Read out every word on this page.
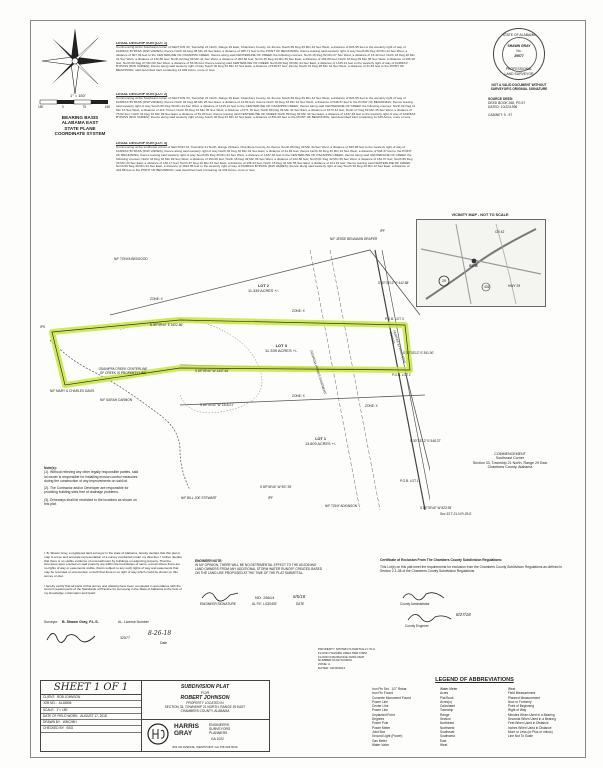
1" = 150'
150	0	75	150
BEARING BASIS
ALABAMA EAST
STATE PLANE
COORDINATE SYSTEM
LEGAL DESCRIPTION (LOT 1)
Commencing at the Southeast corner of SECTION 33, Township 21 North, Range 29 East, Chambers County, AL thence South 89 Deg 39 Min 44 Sec West, a distance of 823.95 feet to the westerly right of way of FAIRFAX BYPASS (R/W VARIES); thence North 02 Deg 08 Min 25 Sec East, a distance of 365.71 feet to the POINT OF BEGINNING; thence leaving said westerly right of way South 89 Deg 39 Min 44 Sec West, a distance of 907.39 feet to the CENTERLINE OF OSANIPPA CREEK; thence along said CENTERLINE OF CREEK the following courses; North 15 Deg 52 Min 27 Sec West, a distance of 15.42 feet; North 18 Deg 20 Min 31 Sec West, a distance of 132.86 feet; North 22 Deg 09 Min 41 Sec West, a distance of 203.66 feet; North 45 Deg 14 Min 36 Sec East, a distance of 152.89 feet; North 63 Deg 09 Min 35 Sec West, a distance of 106.18 feet; North 60 Deg 07 Min 06 Sec West, a distance of 55.06 feet; thence leaving said CENTERLINE OF CREEK North 89 Deg 39 Min 44 Sec East, a distance of 1315.21 feet to the westerly right of way of FAIRFAX BYPASS (R/W VARIES); thence along said westerly right of way South 30 Deg 33 Min 12 Sec East, a distance of 548.37 feet; thence South 01 Deg 28 Min 04 Sec West, a distance of 41.84 feet to the POINT OF BEGINNING; said described tract containing 13.609 Acres, more or less.
LEGAL DESCRIPTION (LOT 2)
Commencing at the Southeast corner of SECTION 33, Township 21 North, Range 29 East, Chambers County, AL thence South 89 Deg 39 Min 44 Sec West, a distance of 823.95 feet to the westerly right of way of FAIRFAX BYPASS (R/W VARIES); thence North 02 Deg 08 Min 25 Sec East, a distance of 41.84 feet; thence North 30 Deg 33 Min 12 Sec West, a distance of 548.37 feet to the POINT OF BEGINNING; thence leaving said westerly right of way South 89 Deg 39 Min 44 Sec West, a distance of 1315.21 feet to the CENTERLINE OF OSANIPPA CREEK; thence along said CENTERLINE OF CREEK the following courses; North 62 Deg 11 Min 16 Sec West, a distance of 113.73 feet; North 83 Deg 24 Min 35 Sec West, a distance of 271.76 feet; North 89 Deg 39 Min 44 Sec East, a distance of 1573.44 feet; North 17 Deg 59 Min 45 Sec West, a distance of 75.62 feet; North 34 Deg 10 Min 09 Sec East, a distance of 51.00 feet; thence leaving said CENTERLINE OF CREEK North 89 Deg 39 Min 44 Sec East, a distance of 1437.46 feet to the westerly right of way of FAIRFAX BYPASS (R/W VARIES); thence along said westerly right of way South 30 Deg 33 Min 12 Sec East, a distance of 351.00 feet to the POINT OF BEGINNING; said described tract containing 11.339 Acres, more or less.
LEGAL DESCRIPTION (LOT 3)
Commencing at the southeast corner of SECTION 33, Township 21 North, Range 29 East, Chambers County, AL thence South 89 Deg 39 Min 44 Sec West, a distance of 823.95 feet to the westerly right of way of FAIRFAX BYPASS (R/W VARIES); thence along said westerly right of way North 02 Deg 30 Min 04 Sec East, a distance of 41.84 feet; thence North 30 Deg 33 Min 12 Sec West, a distance of 548.37 feet to the POINT OF BEGINNING; thence leaving said westerly right of way South 89 Deg 39 Min 44 Sec West, a distance of 1437.46 feet to the CENTERLINE OF OSANIPPA CREEK; thence along said CENTERLINE OF CREEK the following courses; North 34 Deg 10 Min 09 Sec West, a distance of 154.06 feet; North 16 Deg 49 Min 06 Sec West, a distance of 122.60 feet; North 81 Deg 42 Min 36 Sec West, a distance of 152.37 feet; North 89 Deg 39 Min 44 Sec East, a distance of 130.17 feet; North 87 Deg 19 Min 33 Sec East, a distance of 135.43 feet; North 15 Deg 42 Min 55 Sec East, a distance of 101.19 feet; thence leaving said CENTERLINE OF CREEK North 89 Deg 39 Min 44 Sec East, a distance of 1622.86 feet to the westerly right of way of FAIRFAX BYPASS (R/W VARIES); thence along said westerly right of way South 30 Deg 33 Min 12 Sec East, a distance of 442.88 feet to the POINT OF BEGINNING; said described tract containing 11.339 Acres, more or less.
STATE OF ALABAMA
SHAWN GRAY
No.
29577
PROFESSIONAL
LAND SURVEYOR
NOT A VALID DOCUMENT WITHOUT SURVEYOR'S ORIGINAL SIGNATURE
SOURCE DEED:
DEED BOOK 268, PG 67
DATED: 10/22/1996
CABINET: 9 - 97
VICINITY MAP - NOT TO SCALE
SITE
29
CR 42
HWY 29
431
LOT 3
11.339 ACRES +/-
LOT 2
11.339 ACRES +/-
LOT 1
13.609 ACRES +/-
N/F JESSE BENJAMIN DRAPER
N/F TONYA BEDGOOD
N/F MARY & CHARLES DAVIS
N/F SARAH CARMON
N/F BILL JOE STEWART
N/F TONY ADKINSON
FAIRFAX BYPASS (R/W VARIES)
GEORGIA POWER EASEMENT
OSANIPPA CREEK CENTERLINE OF CREEK IS PROPERTY LINE
ZONE: X
ZONE: X
ZONE: X
ZONE: X
P.O.B. LOT 3
P.O.B. LOT 2
P.O.B. LOT 1
N 89°39'44" E 1622.86'
S 89°39'44" W 1437.46'
S 89°39'44" W 1315.21'
S 89°39'44" W 907.39'
S 89°39'44" W 823.95'
S 30°33'12" E 442.88'
S 30°33'12" E 351.00'
S 30°33'12" E 548.37'
IPF
IPS
IPF
COMMENCEMENT
Southeast Corner
Section 33, Township 21 North, Range 29 East
Chambers County, Alabama
Sec 33 T-21-N R-29-E
Note(s):
(1). Without relieving any other legally responsible parties, said lot owner is responsible for installing erosion control measures during the construction of any improvements on said lot.
(2). The Contractor and/or Developer are responsible for providing building sites free of drainage problems.
(3). Driveways shall be restricted to the locations as shown on this plat.
I, B. Shawn Gray, a registered land surveyor in the state of Alabama, hereby declare that this plat or map is a true and accurate representation of a survey conducted under my direction. I further declare that there is no visible evidence of encroachment by buildings on adjoining property. That the structures were erected on said property are within the boundaries of same, except where there are no rights of way or easements visible, that is subject to any such rights of way and easements that may be recorded or unrecorded, or both that there is no right of way which could be shown on this survey or plat.
I hereby certify that all parts of this survey and drawing have been completed in accordance with the current requirements of the Standards of Practice for surveying in the State of Alabama to the best of my knowledge, information and belief.
Surveyor B. Shawn Gray, P.L.S.	AL. License Number
32577
8-26-18
Date
ENGINEER NOTE:
IN MY OPINION, THERE WILL BE NO DETRIMENTAL EFFECT TO THE ADJOINING LAND OWNERS FROM ANY ADDITIONAL STORM WATER RUNOFF CREATED BASED ON THE LAND USE PROPOSED AT THE TIME OF THE PLAT SUBMITTAL.
ENGINEER SIGNATURE
NO. 26614
AL P.E. LICENSE
6/5/18
DATE
Certificate of Exclusion From The Chambers County Subdivision Regulations:
This Lot(s) on this plat meet the requirements for exclusion from the Chambers County Subdivision Regulations as defined in Section 2-1-08 of the Chambers County Subdivision Regulations.
County Administrator
8/27/18
County Engineer
PROPERTY SHOWN IS PARTIALLY IN A FLOOD HAZARD AREA PER FIRM FLOOD INSURANCE RATE MAP NUMBER 01017C0300C
ZONE: A
DATED: 02/18/2011
SHEET 1 OF 1
CLIENT: ROB JOHNSON
JOB NO.: AL18806
SCALE: 1"= 150'
DATE OF FIELD WORK: AUGUST 17, 2018
DRAWN BY: WMC/MH
CHECKED BY: BSG
SUBDIVISION PLAT
FOR
ROBERT JOHNSON
PROPERTY LOCATED IN
SECTION 33, TOWNSHIP 21 NORTH, RANGE 29 EAST
CHAMBERS COUNTY, ALABAMA
HARRIS
GRAY
ENGINEERS
SURVEYORS
PLANNERS
GA 1002
804 3rd AVENUE, WESTPOINT, GA 706-333-6040
LEGEND OF ABBREVIATIONS
Iron Pin Set - 1/2" Rebar
Iron Pin Found
Concrete Monument Found
Power Line
Center Line
Power Line
Unplanted Point
Degrees
Power Pole
Power Meter
Joint Box
Ground Light (Power)
Gas Meter
Water Valve
Water Meter
Acres
Plat Book
Acres(s)
Calculated
Township
Range
Section
Northeast
Northwest
Southeast
Southwest
East
West
West
Field Measurement
Planned Measurement
Now or Formerly
Point of Beginning
Right of Way
Minutes When Used in a Bearing
Seconds When Used in a Bearing
Feet When Used in Distance
Inches When Used in Distance
More or Less (or Plus or minus)
Line Not To Scale
